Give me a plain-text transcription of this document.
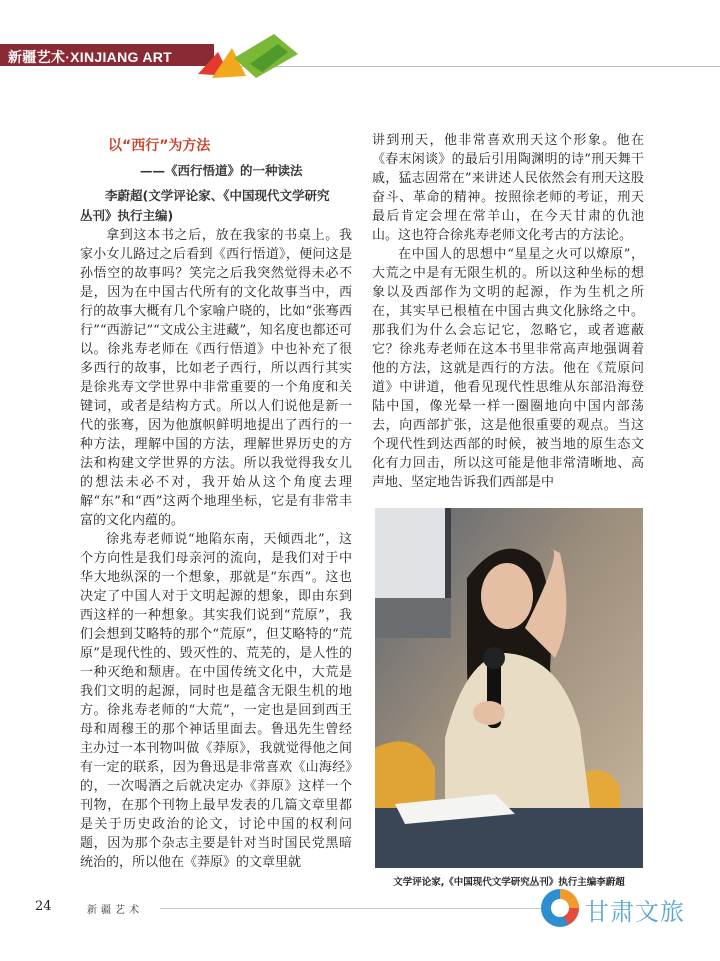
新疆艺术·XINJIANG ART
以“西行”为方法
——《西行悟道》的一种读法
李蔚超(文学评论家、《中国现代文学研究
丛刊》执行主编)

拿到这本书之后，放在我家的书桌上。我家小女儿路过之后看到《西行悟道》，便问这是孙悟空的故事吗？笑完之后我突然觉得未必不是，因为在中国古代所有的文化故事当中，西行的故事大概有几个家喻户晓的，比如“张骞西行”“西游记”“文成公主进藏”，知名度也都还可以。徐兆寿老师在《西行悟道》中也补充了很多西行的故事，比如老子西行，所以西行其实是徐兆寿文学世界中非常重要的一个角度和关键词，或者是结构方式。所以人们说他是新一代的张骞，因为他旗帜鲜明地提出了西行的一种方法，理解中国的方法，理解世界历史的方法和构建文学世界的方法。所以我觉得我女儿的想法未必不对，我开始从这个角度去理解“东”和“西”这两个地理坐标，它是有非常丰富的文化内蕴的。

徐兆寿老师说“地陷东南，天倾西北”，这个方向性是我们母亲河的流向，是我们对于中华大地纵深的一个想象，那就是“东西”。这也决定了中国人对于文明起源的想象，即由东到西这样的一种想象。其实我们说到“荒原”，我们会想到艾略特的那个“荒原”，但艾略特的“荒原”是现代性的、毁灭性的、荒芜的，是人性的一种灭绝和颓唐。在中国传统文化中，大荒是我们文明的起源，同时也是蕴含无限生机的地方。徐兆寿老师的“大荒”，一定也是回到西王母和周穆王的那个神话里面去。鲁迅先生曾经主办过一本刊物叫做《莽原》，我就觉得他之间有一定的联系，因为鲁迅是非常喜欢《山海经》的，一次喝酒之后就决定办《莽原》这样一个刊物，在那个刊物上最早发表的几篇文章里都是关于历史政治的论文，讨论中国的权利问题，因为那个杂志主要是针对当时国民党黑暗统治的，所以他在《莽原》的文章里就

讲到刑天，他非常喜欢刑天这个形象。他在《春末闲谈》的最后引用陶渊明的诗“刑天舞干戚，猛志固常在”来讲述人民依然会有刑天这股奋斗、革命的精神。按照徐老师的考证，刑天最后肯定会埋在常羊山，在今天甘肃的仇池山。这也符合徐兆寿老师文化考古的方法论。

在中国人的思想中“星星之火可以燎原”，大荒之中是有无限生机的。所以这种坐标的想象以及西部作为文明的起源，作为生机之所在，其实早已根植在中国古典文化脉络之中。那我们为什么会忘记它，忽略它，或者遮蔽它？徐兆寿老师在这本书里非常高声地强调着他的方法，这就是西行的方法。他在《荒原问道》中讲道，他看见现代性思维从东部沿海登陆中国，像光晕一样一圈圈地向中国内部荡去，向西部扩张，这是他很重要的观点。当这个现代性到达西部的时候，被当地的原生态文化有力回击，所以这可能是他非常清晰地、高声地、坚定地告诉我们西部是中

文学评论家,《中国现代文学研究丛刊》执行主编李蔚超
24	新疆艺术	甘肃文旅
